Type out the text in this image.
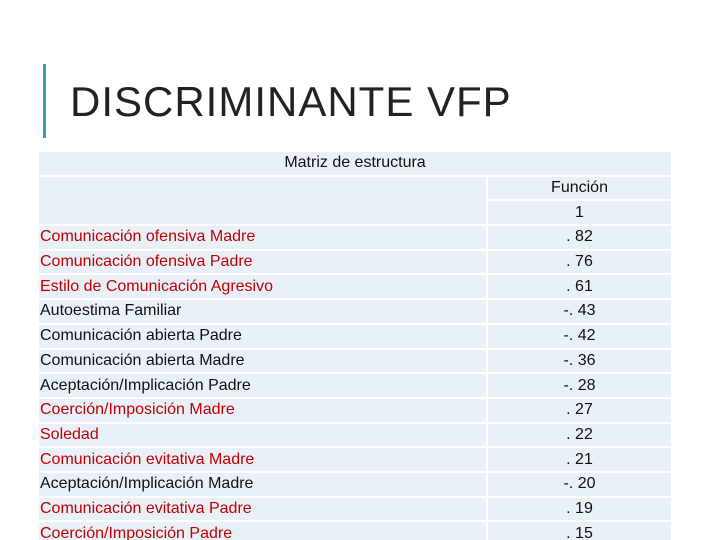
DISCRIMINANTE VFP
Matriz de estructura	
	Función
	1
Comunicación ofensiva Madre	. 82
Comunicación ofensiva Padre	. 76
Estilo de Comunicación Agresivo	. 61
Autoestima Familiar	-. 43
Comunicación abierta Padre	-. 42
Comunicación abierta Madre	-. 36
Aceptación/Implicación Padre	-. 28
Coerción/Imposición Madre	. 27
Soledad	. 22
Comunicación evitativa Madre	. 21
Aceptación/Implicación Madre	-. 20
Comunicación evitativa Padre	. 19
Coerción/Imposición Padre	. 15
